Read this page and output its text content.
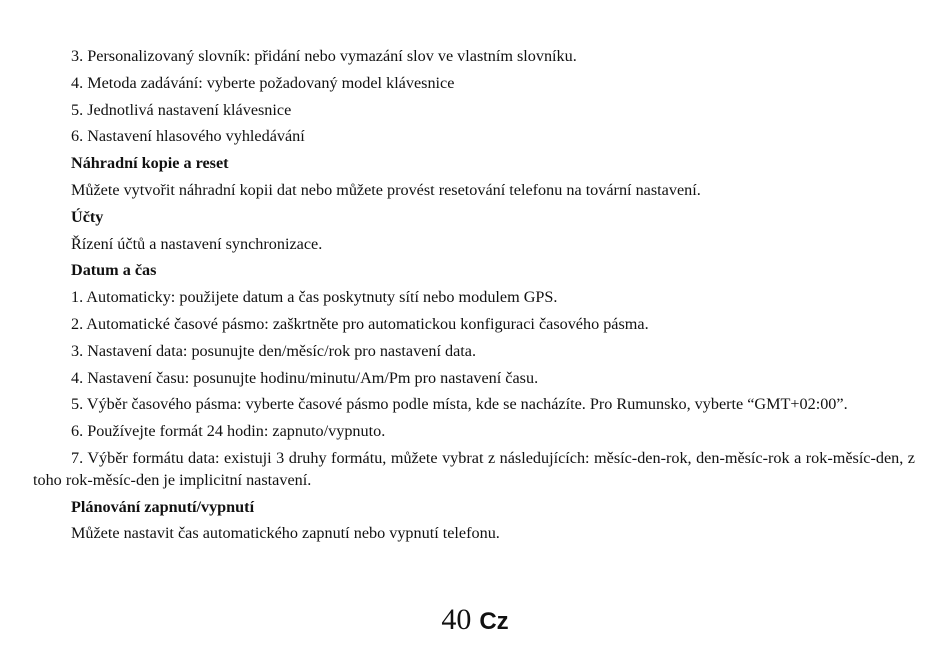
3. Personalizovaný slovník: přidání nebo vymazání slov ve vlastním slovníku.
4. Metoda zadávání: vyberte požadovaný model klávesnice
5. Jednotlivá nastavení klávesnice
6. Nastavení hlasového vyhledávání
Náhradní kopie a reset
Můžete vytvořit náhradní kopii dat nebo můžete provést resetování telefonu na tovární nastavení.
Účty
Řízení účtů a nastavení synchronizace.
Datum a čas
1. Automaticky: použijete datum a čas poskytnuty sítí nebo modulem GPS.
2. Automatické časové pásmo: zaškrtněte pro automatickou konfiguraci časového pásma.
3. Nastavení data: posunujte den/měsíc/rok pro nastavení data.
4. Nastavení času: posunujte hodinu/minutu/Am/Pm pro nastavení času.
5. Výběr časového pásma: vyberte časové pásmo podle místa, kde se nacházíte. Pro Rumunsko, vyberte “GMT+02:00”.
6. Používejte formát 24 hodin: zapnuto/vypnuto.
7. Výběr formátu data: existuji 3 druhy formátu, můžete vybrat z následujících: měsíc-den-rok, den-měsíc-rok a rok-měsíc-den, z toho rok-měsíc-den je implicitní nastavení.
Plánování zapnutí/vypnutí
Můžete nastavit čas automatického zapnutí nebo vypnutí telefonu.
40 Cz
